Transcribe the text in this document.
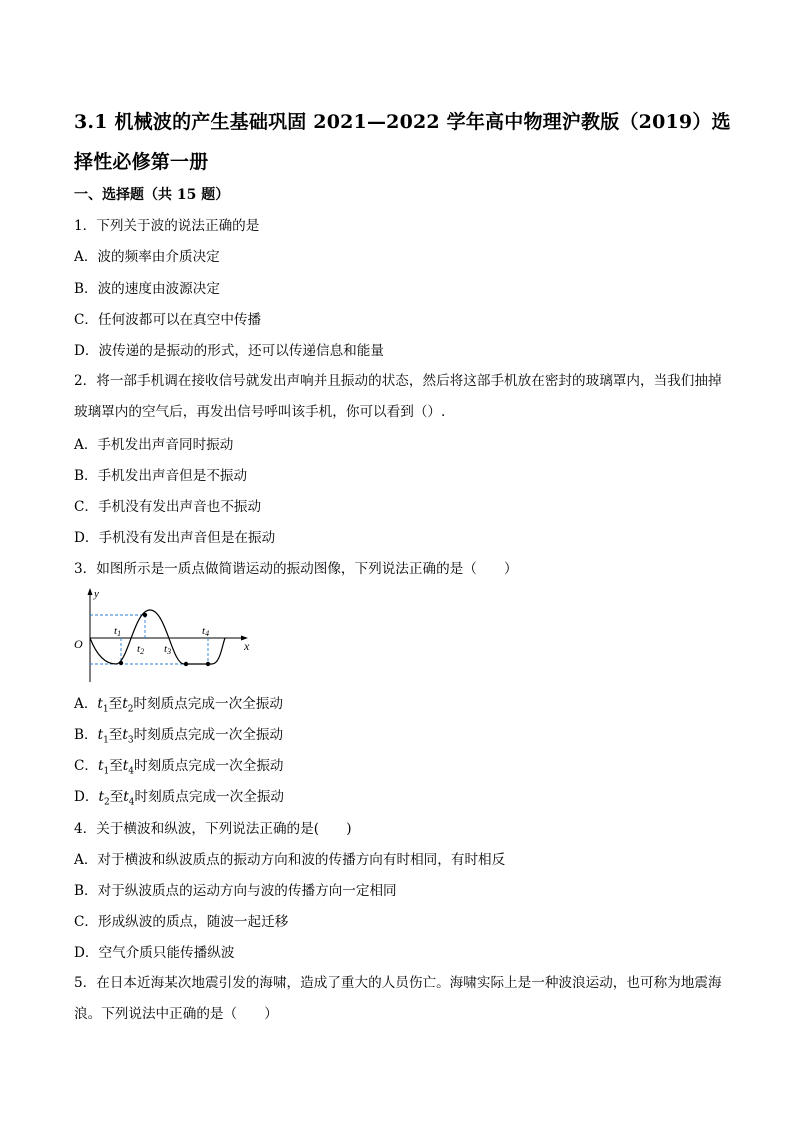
3.1 机械波的产生基础巩固 2021—2022 学年高中物理沪教版（2019）选择性必修第一册
一、选择题（共 15 题）
1．下列关于波的说法正确的是
A．波的频率由介质决定
B．波的速度由波源决定
C．任何波都可以在真空中传播
D．波传递的是振动的形式，还可以传递信息和能量
2．将一部手机调在接收信号就发出声响并且振动的状态，然后将这部手机放在密封的玻璃罩内，当我们抽掉玻璃罩内的空气后，再发出信号呼叫该手机，你可以看到（）.
A．手机发出声音同时振动
B．手机发出声音但是不振动
C．手机没有发出声音也不振动
D．手机没有发出声音但是在振动
3．如图所示是一质点做简谐运动的振动图像，下列说法正确的是（　　）
y
x
O
t1
t2 t3
t4
A．$t_1$至$t_2$时刻质点完成一次全振动
B．$t_1$至$t_3$时刻质点完成一次全振动
C．$t_1$至$t_4$时刻质点完成一次全振动
D．$t_2$至$t_4$时刻质点完成一次全振动
4．关于横波和纵波，下列说法正确的是(　　)
A．对于横波和纵波质点的振动方向和波的传播方向有时相同，有时相反
B．对于纵波质点的运动方向与波的传播方向一定相同
C．形成纵波的质点，随波一起迁移
D．空气介质只能传播纵波
5．在日本近海某次地震引发的海啸，造成了重大的人员伤亡。海啸实际上是一种波浪运动，也可称为地震海浪。下列说法中正确的是（　　）
